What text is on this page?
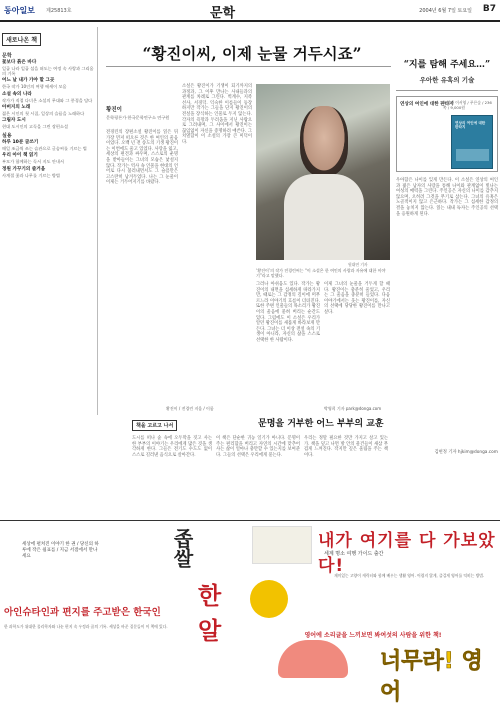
동아일보 제25813호	문학	2004년 6월 7일 토요일 B7
새로나온 책
문학
꽃보다 붉은 바다
일곱 나라 일곱 섬을 떠도는 여정 속 사랑과 그리움의 기록
어느 날 내가 가야 할 그곳
한국 작가 10인의 여행 에세이 모음
소설 속의 나라
작가가 직접 다녀온 소설의 무대와 그 풍경을 담다
아버지의 노래
젊은 시인의 첫 시집, 일상의 슬픔을 노래하다
그림자 도시
현대 도시인의 고독을 그린 장편소설
실용
하루 10분 글쓰기
매일 조금씩 쓰는 습관으로 글솜씨를 기르는 법
우리 아이 책 읽기
부모가 함께하는 독서 지도 안내서
정원 가꾸기의 즐거움
사계절 꽃과 나무를 기르는 방법
“황진이씨, 이제 눈물 거두시죠”
황진이
문학평론가·한국문학연구소 연구원
전경린의 장편소설 황진이를 읽은 뒤 가장 먼저 떠오른 것은 한 여인의 울음이었다. 오백 년 전 송도의 기생 황진이는 이번에도 울고 있었다. 사랑을 잃고, 세상의 편견과 싸우며, 스스로의 운명을 받아들이는 그녀의 모습은 낯설지 않다. 작가는 역사 속 인물을 현대의 언어로 다시 불러내면서도 그 슬픔만은 고스란히 남겨두었다. 나는 그 눈물이 이제는 거두어지기를 바랐다.
소설은 황진이가 기생이 되기까지의 과정과, 그 이후 만나는 사내들과의 관계를 차례로 그린다. 벽계수, 지족선사, 서경덕. 익숙한 이름들이 등장하지만 작가는 그들을 단지 황진이의 전설을 장식하는 인물로 두지 않는다. 각자의 욕망과 두려움을 지닌 사람으로 그려내며, 그 사이에서 황진이는 끊임없이 자신을 증명하려 애쓴다. 그 치열함이 이 소설의 가장 큰 미덕이다.
그러나 아쉬움도 있다. 작가는 황진이의 내면을 섬세하게 따라가지만, 때로는 그 감정의 깊이에 머무르느라 이야기의 흐름이 더뎌진다. 또한 주변 인물들의 목소리가 황진이의 울음에 묻혀 버리는 순간도 있다. 그럼에도 이 소설은 우리가 알던 황진이를 새롭게 바라보게 만든다. 그녀는 더 이상 전설 속의 기생이 아니라, 자신의 삶을 스스로 선택한 한 사람이다.
이제 그녀의 눈물을 거두게 할 때다. 황진이는 충분히 울었고, 우리는 그 울음을 충분히 들었다. 다음 이야기에서는 웃는 황진이를, 자신의 선택에 당당한 황진이를 만나고 싶다.
원대연 기자
‘황진이’의 작가 전경린씨는 “이 소설은 한 여인의 사랑과 자유에 대한 이야기”라고 말했다.
황진이 / 전경린 지음 / 이룸	박영희 기자 park@donga.com
“지를 탐해 주세요…”
우아한 유혹의 기술
연상의 여인에 대한 판타지
소설가 이서영 / 푸른숲 / 236쪽 / 9,000원
연상의 여인에 대한 판타지
우아함은 나이를 잊게 만든다. 이 소설은 연상의 여인과 젊은 남자의 사랑을 통해 나이와 관계없이 빛나는 여성의 매력을 그린다. 주인공은 자신의 나이를 감추지 않으며, 오히려 그것을 무기로 삼는다. 그녀의 유혹은 노골적이지 않고 은근하다. 작가는 그 섬세한 감정의 결을 놓치지 않는다. 읽는 내내 독자는 주인공의 선택을 응원하게 된다.
김현정 기자 hjkim@donga.com
책을 고르고 나서	문명을 거부한 어느 부부의 교훈
도시를 떠나 숲 속에 오두막을 짓고 사는 한 부부의 이야기는 우리에게 많은 것을 생각하게 한다. 그들은 전기도 수도도 없이 스스로 길러낸 음식으로 살아간다.
이 책은 단순한 귀농 일기가 아니다. 문명이 주는 편리함을 버리고 자연의 시간에 맞추어 사는 삶이 얼마나 충만할 수 있는지를 보여준다. 그들의 선택은 우리에게 묻는다.
우리는 정말 필요한 것만 가지고 살고 있는가. 책을 덮고 나면 방 안의 물건들이 새삼 무겁게 느껴진다. 작지만 깊은 울림을 주는 책이다.
세상에 펼쳐진 이야기 한 권 / 당신의 하루에 작은 쉼표를 / 지금 서점에서 만나세요	좁쌀
한 알
내가 여기를 다 가보았다!
세계 명소 여행 가이드 출간
아인슈타인과 편지를 주고받은 한국인
한 과학도가 위대한 물리학자와 나눈 편지 속 우정과 꿈의 기록. 세상을 바꾼 질문들이 이 책에 있다.
재미있는 고양이 캐릭터와 함께 배우는 생활 영어. 어렵지 않게, 즐겁게 영어를 익히는 방법.
영어에 소리글을 느끼보면 봐여섯의 사람을 위한 책!
너무라! 영어
